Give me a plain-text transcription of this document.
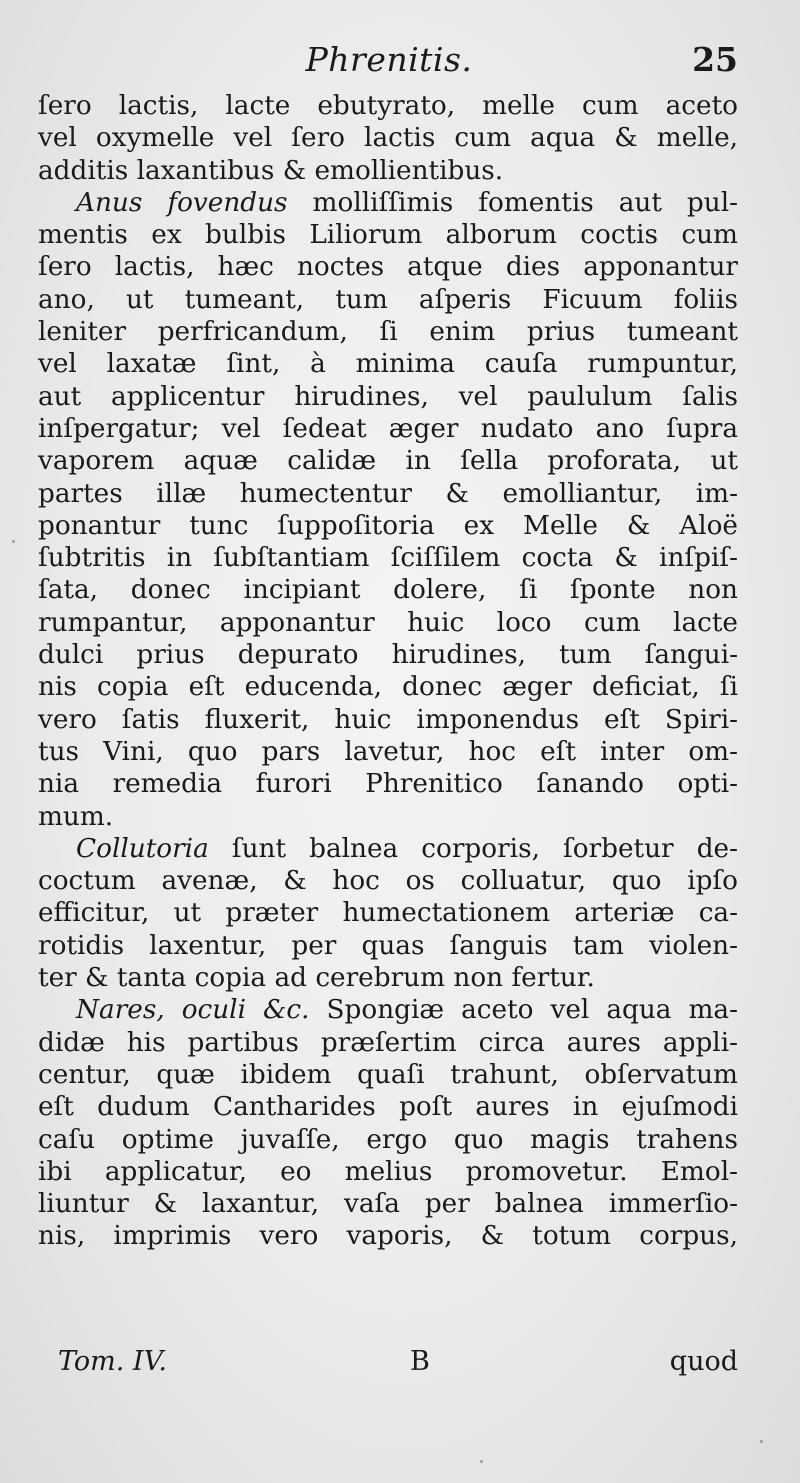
Phrenitis.	25
ſero lactis, lacte ebutyrato, melle cum aceto
vel oxymelle vel ſero lactis cum aqua & melle,
additis laxantibus & emollientibus.
Anus fovendus molliſſimis fomentis aut pul-
mentis ex bulbis Liliorum alborum coctis cum
ſero lactis, hæc noctes atque dies apponantur
ano, ut tumeant, tum aſperis Ficuum foliis
leniter perfricandum, ſi enim prius tumeant
vel laxatæ ſint, à minima cauſa rumpuntur,
aut applicentur hirudines, vel paululum ſalis
inſpergatur; vel ſedeat æger nudato ano ſupra
vaporem aquæ calidæ in ſella proforata, ut
partes illæ humectentur & emolliantur, im-
ponantur tunc ſuppoſitoria ex Melle & Aloë
ſubtritis in ſubſtantiam ſciſſilem cocta & inſpiſ-
ſata, donec incipiant dolere, ſi ſponte non
rumpantur, apponantur huic loco cum lacte
dulci prius depurato hirudines, tum ſangui-
nis copia eſt educenda, donec æger deficiat, ſi
vero ſatis fluxerit, huic imponendus eſt Spiri-
tus Vini, quo pars lavetur, hoc eſt inter om-
nia remedia furori Phrenitico ſanando opti-
mum.
Collutoria ſunt balnea corporis, ſorbetur de-
coctum avenæ, & hoc os colluatur, quo ipſo
efficitur, ut præter humectationem arteriæ ca-
rotidis laxentur, per quas ſanguis tam violen-
ter & tanta copia ad cerebrum non fertur.
Nares, oculi &c. Spongiæ aceto vel aqua ma-
didæ his partibus præſertim circa aures appli-
centur, quæ ibidem quaſi trahunt, obſervatum
eſt dudum Cantharides poſt aures in ejuſmodi
caſu optime juvaſſe, ergo quo magis trahens
ibi applicatur, eo melius promovetur. Emol-
liuntur & laxantur, vaſa per balnea immerſio-
nis, imprimis vero vaporis, & totum corpus,
Tom. IV.	B	quod
